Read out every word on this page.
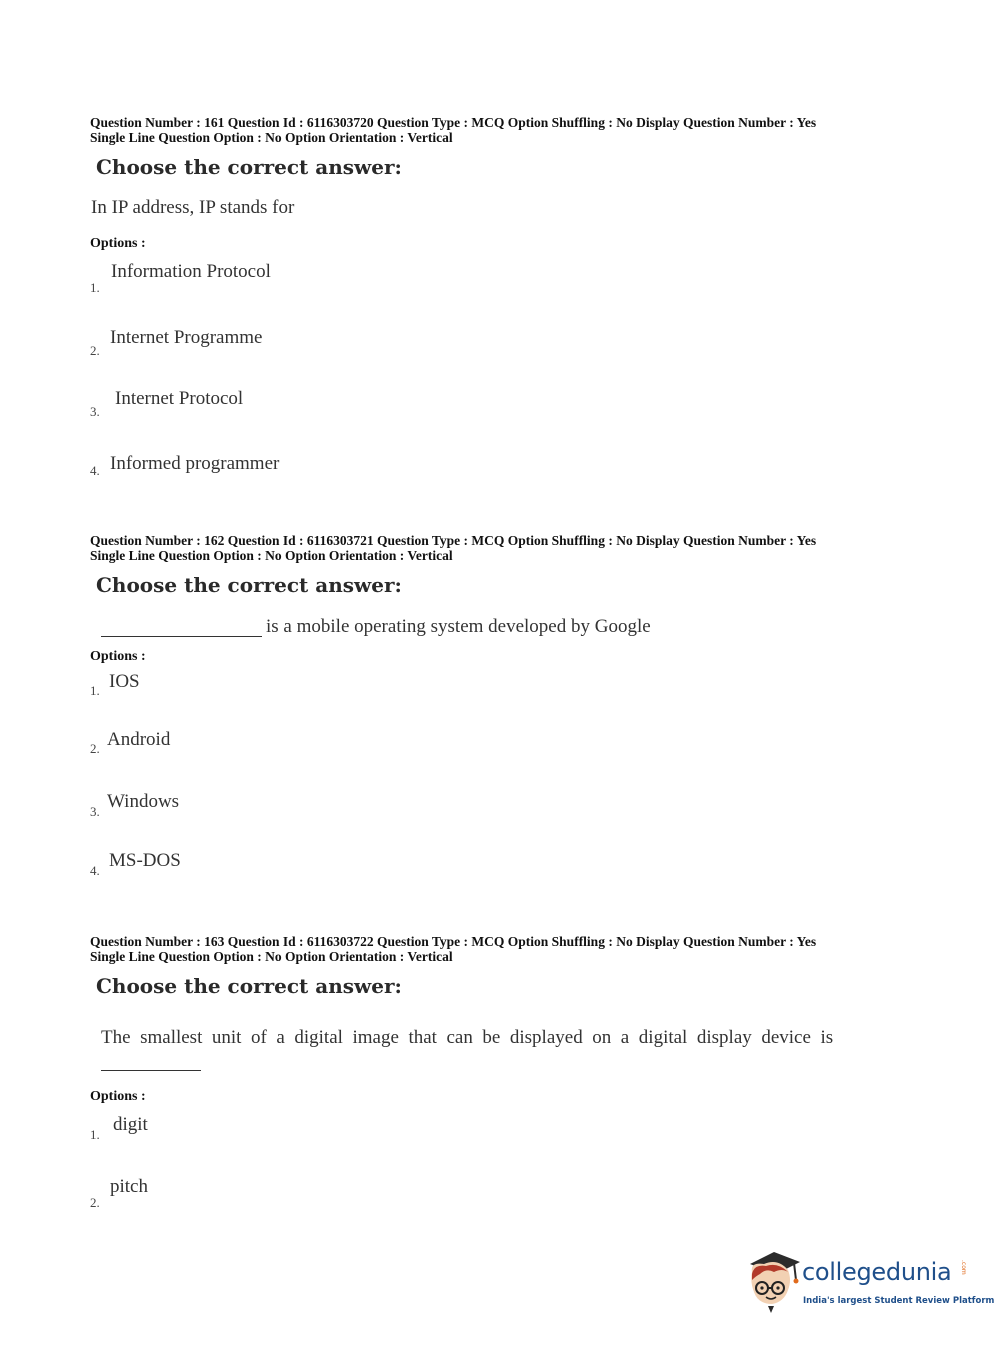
Question Number : 161 Question Id : 6116303720 Question Type : MCQ Option Shuffling : No Display Question Number : Yes
Single Line Question Option : No Option Orientation : Vertical
Choose the correct answer:
In IP address, IP stands for
Options :
Information Protocol
1.
Internet Programme
2.
Internet Protocol
3.
Informed programmer
4.
Question Number : 162 Question Id : 6116303721 Question Type : MCQ Option Shuffling : No Display Question Number : Yes
Single Line Question Option : No Option Orientation : Vertical
Choose the correct answer:
is a mobile operating system developed by Google
Options :
IOS
1.
Android
2.
Windows
3.
MS-DOS
4.
Question Number : 163 Question Id : 6116303722 Question Type : MCQ Option Shuffling : No Display Question Number : Yes
Single Line Question Option : No Option Orientation : Vertical
Choose the correct answer:
The smallest unit of a digital image that can be displayed on a digital display device is
Options :
digit
1.
pitch
2.
collegedunia .com
India's largest Student Review Platform
